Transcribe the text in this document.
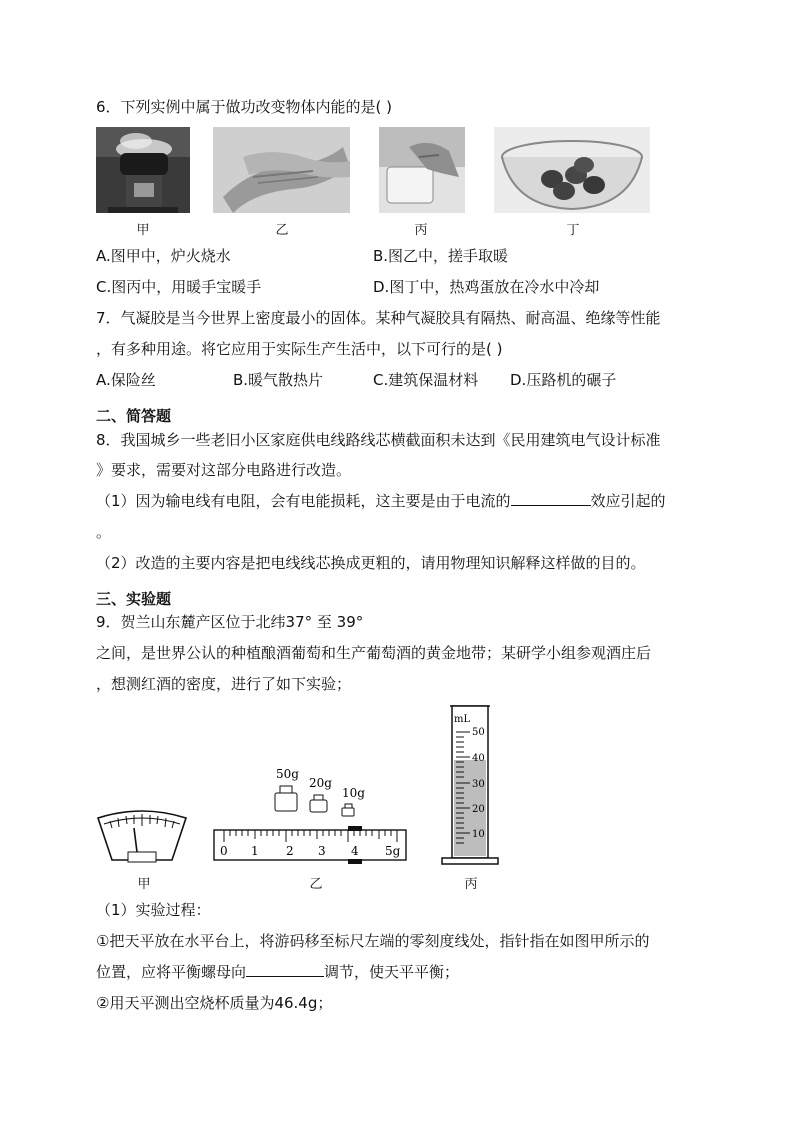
6．下列实例中属于做功改变物体内能的是( )
甲	乙	丙	丁
A.图甲中，炉火烧水	B.图乙中，搓手取暖
C.图丙中，用暖手宝暖手	D.图丁中，热鸡蛋放在冷水中冷却
7．气凝胶是当今世界上密度最小的固体。某种气凝胶具有隔热、耐高温、绝缘等性能
，有多种用途。将它应用于实际生产生活中，以下可行的是( )
A.保险丝	B.暖气散热片	C.建筑保温材料 D.压路机的碾子
二、简答题
8．我国城乡一些老旧小区家庭供电线路线芯横截面积未达到《民用建筑电气设计标准
》要求，需要对这部分电路进行改造。
（1）因为输电线有电阻，会有电能损耗，这主要是由于电流的	效应引起的
。
（2）改造的主要内容是把电线线芯换成更粗的，请用物理知识解释这样做的目的。
三、实验题
9．贺兰山东麓产区位于北纬37° 至 39°
之间，是世界公认的种植酿酒葡萄和生产葡萄酒的黄金地带；某研学小组参观酒庄后
，想测红酒的密度，进行了如下实验；
50g
20g
10g
0 1 2 3 4 5g
mL
50
40
30
20
10
甲	乙	丙
（1）实验过程：
①把天平放在水平台上，将游码移至标尺左端的零刻度线处，指针指在如图甲所示的
位置，应将平衡螺母向	调节，使天平平衡；
②用天平测出空烧杯质量为46.4g；
